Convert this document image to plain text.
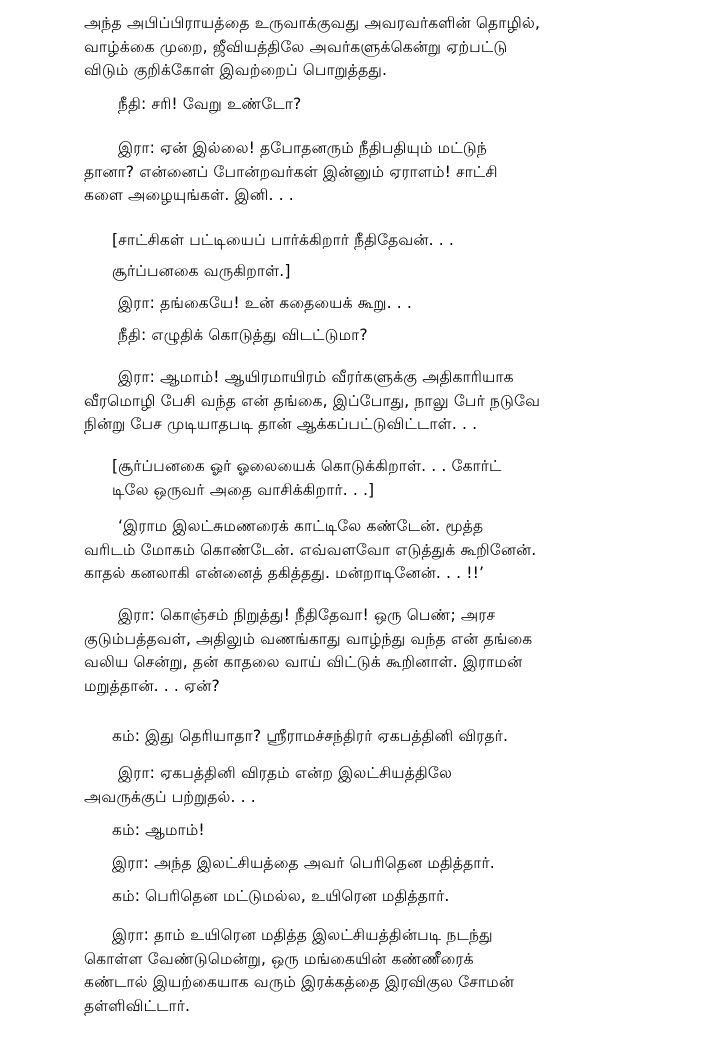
அந்த அபிப்பிராயத்தை உருவாக்குவது அவரவர்களின் தொழில்,
வாழ்க்கை முறை, ஜீவியத்திலே அவர்களுக்கென்று ஏற்பட்டு
விடும் குறிக்கோள் இவற்றைப் பொறுத்தது.
நீதி: சரி! வேறு உண்டோ?
இரா: ஏன் இல்லை! தபோதனரும் நீதிபதியும் மட்டுந்
தானா? என்னைப் போன்றவர்கள் இன்னும் ஏராளம்! சாட்சி
களை அழையுங்கள். இனி. . .
[சாட்சிகள் பட்டியைப் பார்க்கிறார் நீதிதேவன். . .
சூர்ப்பனகை வருகிறாள்.]
இரா: தங்கையே! உன் கதையைக் கூறு. . .
நீதி: எழுதிக் கொடுத்து விடட்டுமா?
இரா: ஆமாம்! ஆயிரமாயிரம் வீரர்களுக்கு அதிகாரியாக
வீரமொழி பேசி வந்த என் தங்கை, இப்போது, நாலு பேர் நடுவே
நின்று பேச முடியாதபடி தான் ஆக்கப்பட்டுவிட்டாள். . .
[சூர்ப்பனகை ஓர் ஓலையைக் கொடுக்கிறாள். . . கோர்ட்
டிலே ஒருவர் அதை வாசிக்கிறார். . .]
‘இராம இலட்சுமணரைக் காட்டிலே கண்டேன். மூத்த
வரிடம் மோகம் கொண்டேன். எவ்வளவோ எடுத்துக் கூறினேன்.
காதல் கனலாகி என்னைத் தகித்தது. மன்றாடினேன். . . !!’
இரா: கொஞ்சம் நிறுத்து! நீதிதேவா! ஒரு பெண்; அரச
குடும்பத்தவள், அதிலும் வணங்காது வாழ்ந்து வந்த என் தங்கை
வலிய சென்று, தன் காதலை வாய் விட்டுக் கூறினாள். இராமன்
மறுத்தான். . . ஏன்?
கம்: இது தெரியாதா? ஸ்ரீராமச்சந்திரர் ஏகபத்தினி விரதர்.
இரா: ஏகபத்தினி விரதம் என்ற இலட்சியத்திலே
அவருக்குப் பற்றுதல். . .
கம்: ஆமாம்!
இரா: அந்த இலட்சியத்தை அவர் பெரிதென மதித்தார்.
கம்: பெரிதென மட்டுமல்ல, உயிரென மதித்தார்.
இரா: தாம் உயிரென மதித்த இலட்சியத்தின்படி நடந்து
கொள்ள வேண்டுமென்று, ஒரு மங்கையின் கண்ணீரைக்
கண்டால் இயற்கையாக வரும் இரக்கத்தை இரவிகுல சோமன்
தள்ளிவிட்டார்.
